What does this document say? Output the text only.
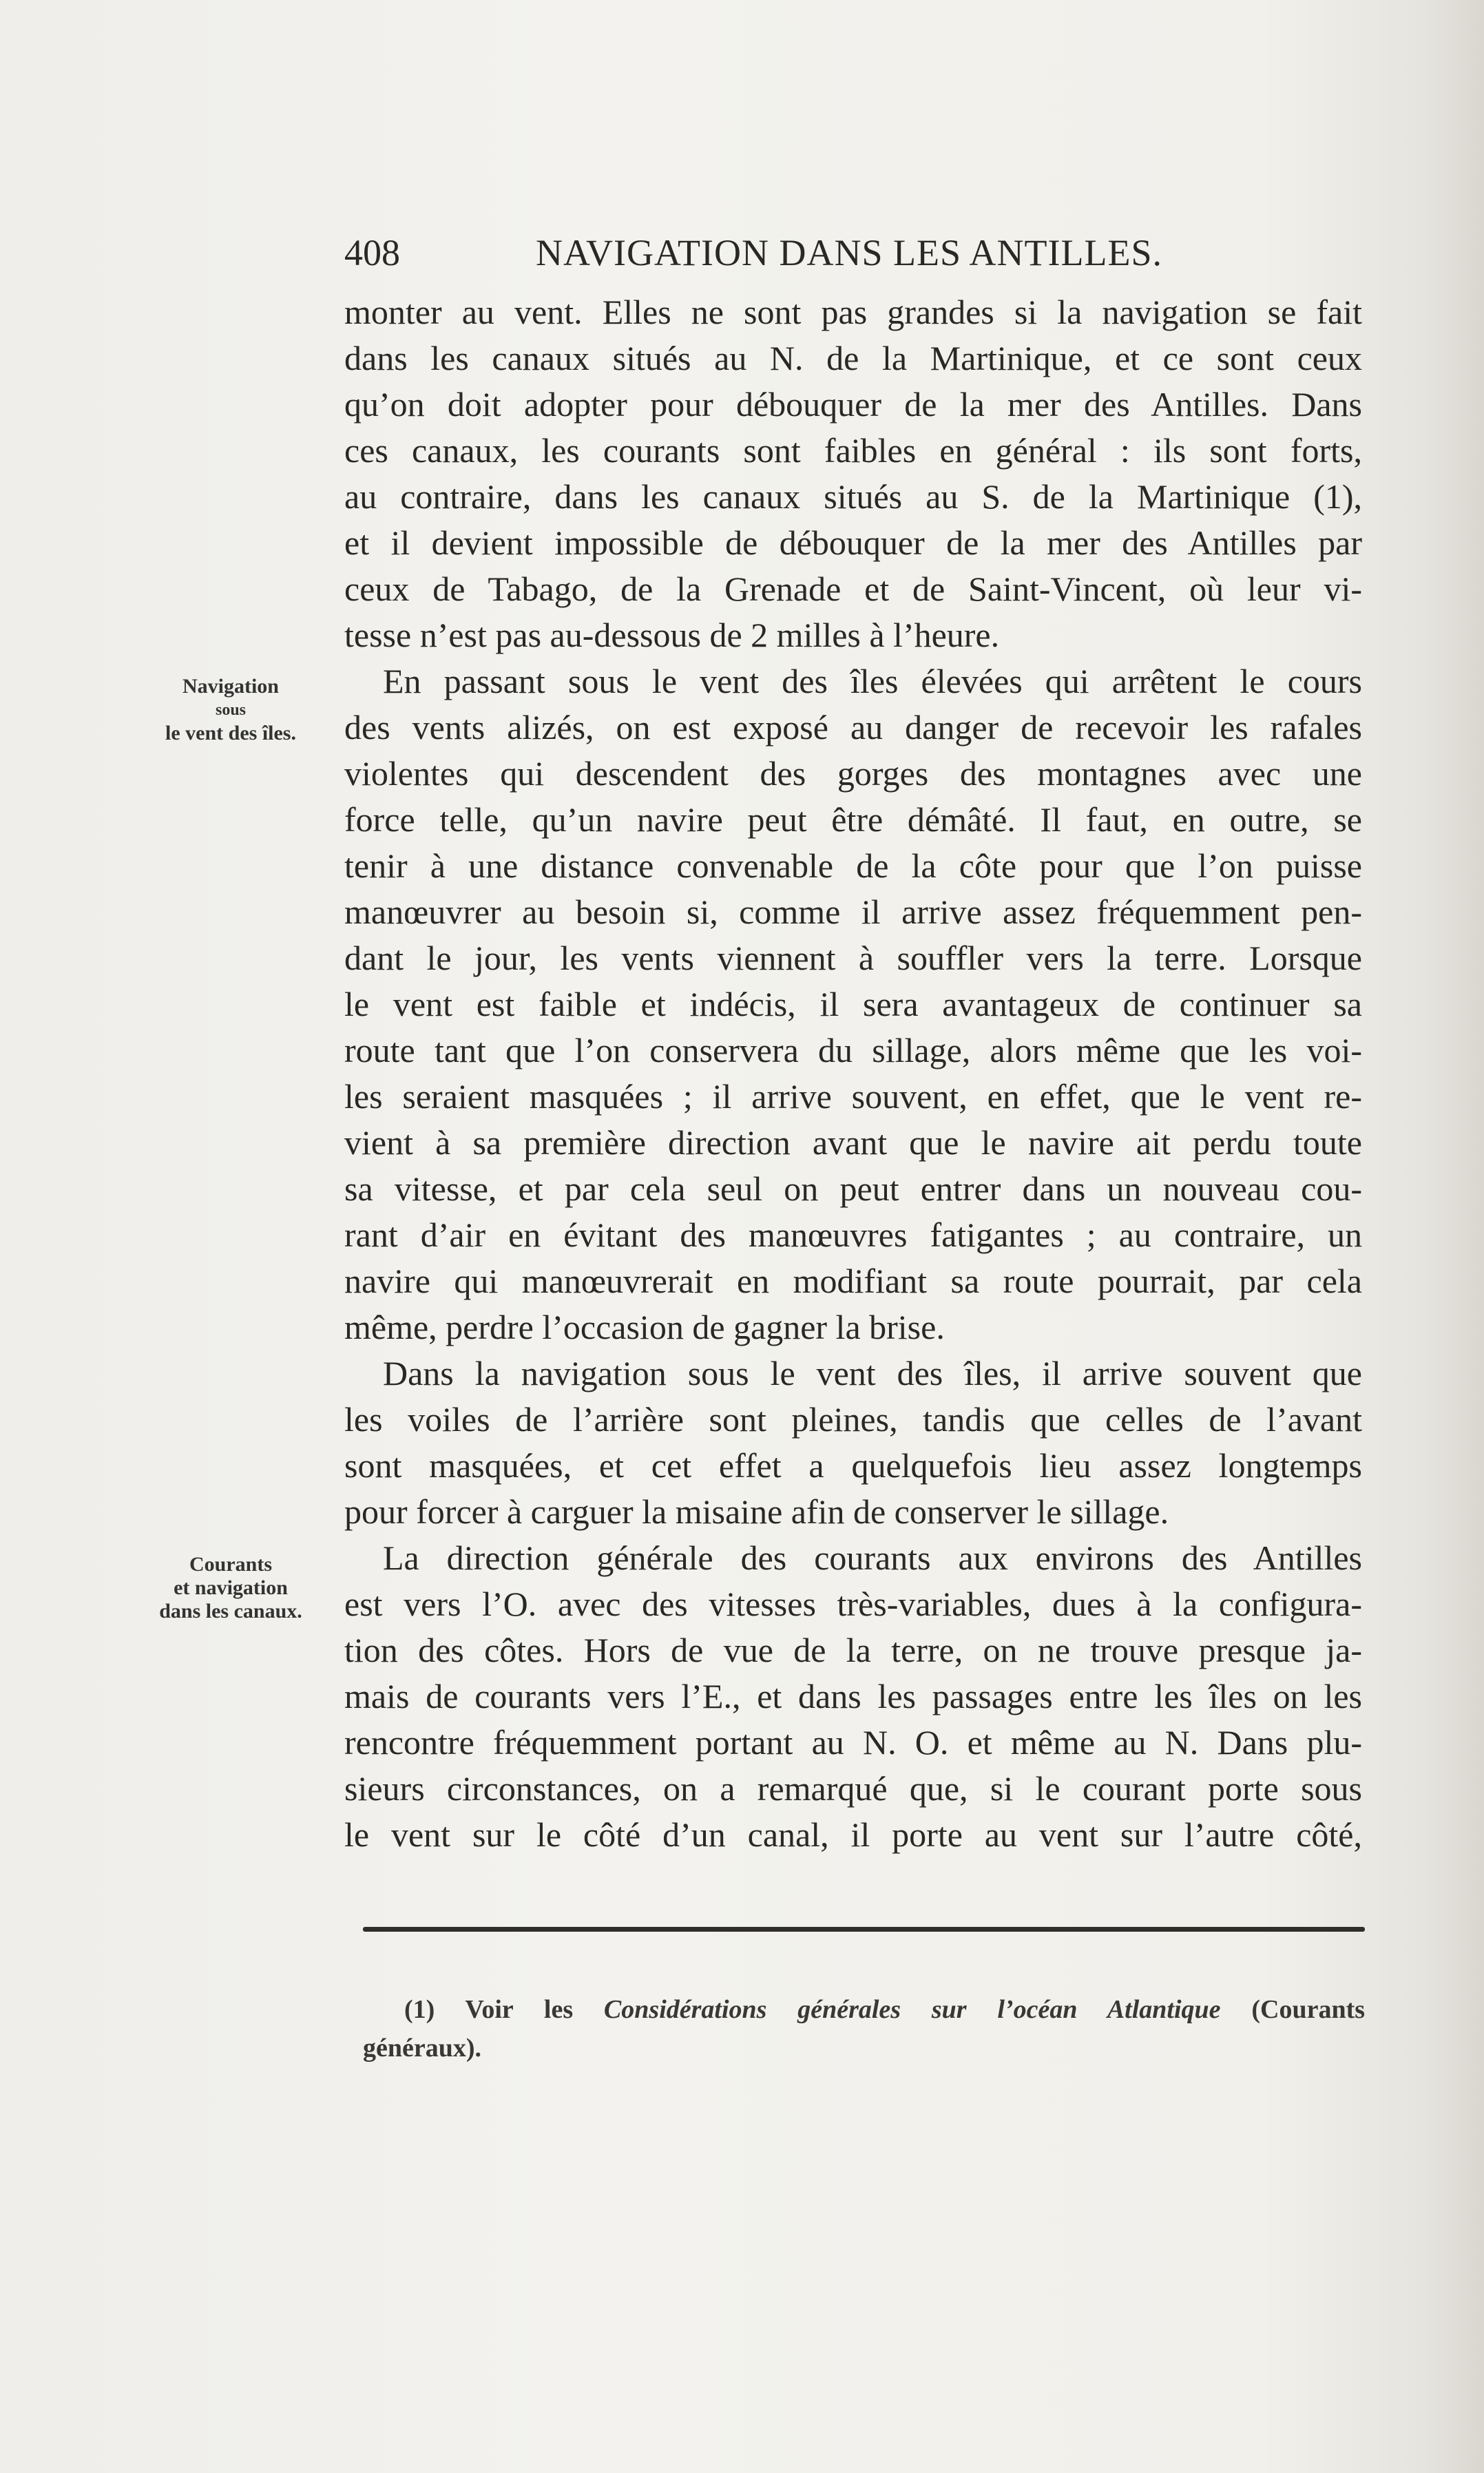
408	NAVIGATION DANS LES ANTILLES.
Navigation
sous
le vent des îles.
Courants
et navigation
dans les canaux.
monter au vent. Elles ne sont pas grandes si la navigation se fait
dans les canaux situés au N. de la Martinique, et ce sont ceux
qu’on doit adopter pour débouquer de la mer des Antilles. Dans
ces canaux, les courants sont faibles en général : ils sont forts,
au contraire, dans les canaux situés au S. de la Martinique (1),
et il devient impossible de débouquer de la mer des Antilles par
ceux de Tabago, de la Grenade et de Saint-Vincent, où leur vi-
tesse n’est pas au-dessous de 2 milles à l’heure.
En passant sous le vent des îles élevées qui arrêtent le cours
des vents alizés, on est exposé au danger de recevoir les rafales
violentes qui descendent des gorges des montagnes avec une
force telle, qu’un navire peut être démâté. Il faut, en outre, se
tenir à une distance convenable de la côte pour que l’on puisse
manœuvrer au besoin si, comme il arrive assez fréquemment pen-
dant le jour, les vents viennent à souffler vers la terre. Lorsque
le vent est faible et indécis, il sera avantageux de continuer sa
route tant que l’on conservera du sillage, alors même que les voi-
les seraient masquées ; il arrive souvent, en effet, que le vent re-
vient à sa première direction avant que le navire ait perdu toute
sa vitesse, et par cela seul on peut entrer dans un nouveau cou-
rant d’air en évitant des manœuvres fatigantes ; au contraire, un
navire qui manœuvrerait en modifiant sa route pourrait, par cela
même, perdre l’occasion de gagner la brise.
Dans la navigation sous le vent des îles, il arrive souvent que
les voiles de l’arrière sont pleines, tandis que celles de l’avant
sont masquées, et cet effet a quelquefois lieu assez longtemps
pour forcer à carguer la misaine afin de conserver le sillage.
La direction générale des courants aux environs des Antilles
est vers l’O. avec des vitesses très-variables, dues à la configura-
tion des côtes. Hors de vue de la terre, on ne trouve presque ja-
mais de courants vers l’E., et dans les passages entre les îles on les
rencontre fréquemment portant au N. O. et même au N. Dans plu-
sieurs circonstances, on a remarqué que, si le courant porte sous
le vent sur le côté d’un canal, il porte au vent sur l’autre côté,
(1) Voir les Considérations générales sur l’océan Atlantique (Courants
généraux).
